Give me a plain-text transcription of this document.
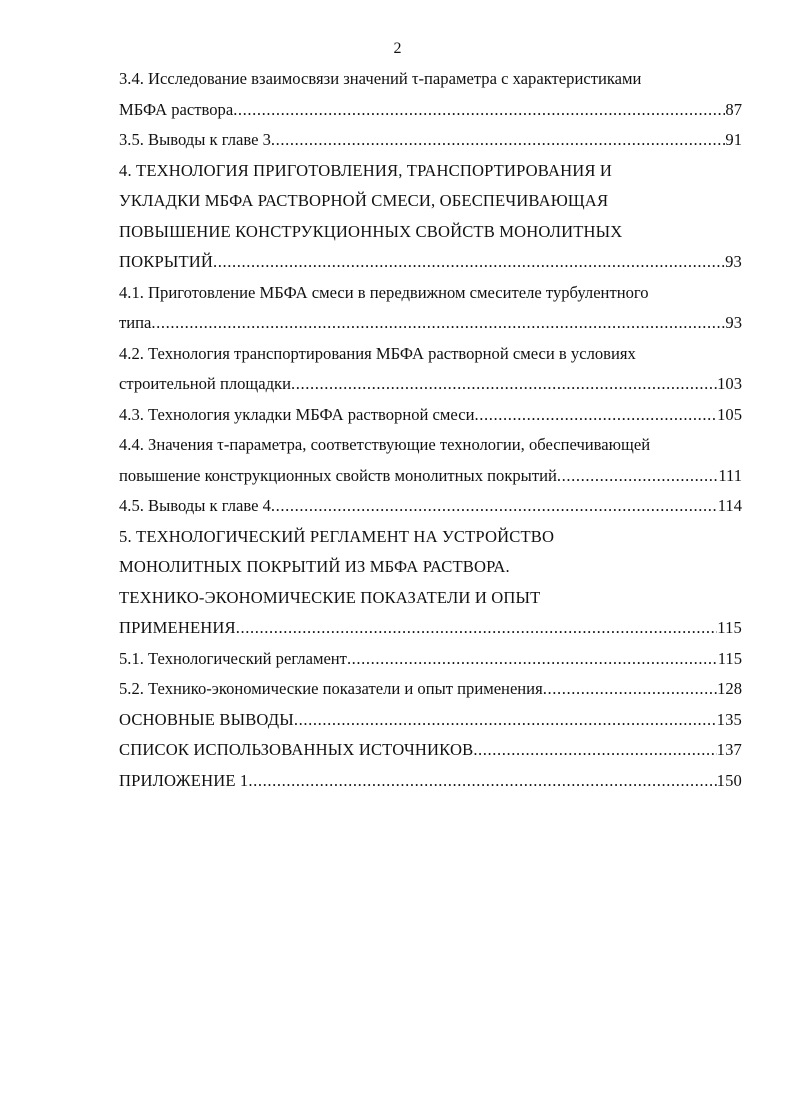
2
3.4. Исследование взаимосвязи значений τ-параметра с характеристиками
МБФА раствора .....	87
3.5. Выводы к главе 3 .....	91
4. ТЕХНОЛОГИЯ ПРИГОТОВЛЕНИЯ, ТРАНСПОРТИРОВАНИЯ И
УКЛАДКИ МБФА РАСТВОРНОЙ СМЕСИ, ОБЕСПЕЧИВАЮЩАЯ
ПОВЫШЕНИЕ КОНСТРУКЦИОННЫХ СВОЙСТВ МОНОЛИТНЫХ
ПОКРЫТИЙ .....	93
4.1. Приготовление МБФА смеси в передвижном смесителе турбулентного
типа .....	93
4.2. Технология транспортирования МБФА растворной смеси в условиях
строительной площадки .....	103
4.3. Технология укладки МБФА растворной смеси .....	105
4.4. Значения τ-параметра, соответствующие технологии, обеспечивающей
повышение конструкционных свойств монолитных покрытий .....	111
4.5. Выводы к главе 4 .....	114
5. ТЕХНОЛОГИЧЕСКИЙ РЕГЛАМЕНТ НА УСТРОЙСТВО
МОНОЛИТНЫХ ПОКРЫТИЙ ИЗ МБФА РАСТВОРА.
ТЕХНИКО-ЭКОНОМИЧЕСКИЕ ПОКАЗАТЕЛИ И ОПЫТ
ПРИМЕНЕНИЯ .....	115
5.1. Технологический регламент .....	115
5.2. Технико-экономические показатели и опыт применения .....	128
ОСНОВНЫЕ ВЫВОДЫ .....	135
СПИСОК ИСПОЛЬЗОВАННЫХ ИСТОЧНИКОВ .....	137
ПРИЛОЖЕНИЕ 1 .....	150
